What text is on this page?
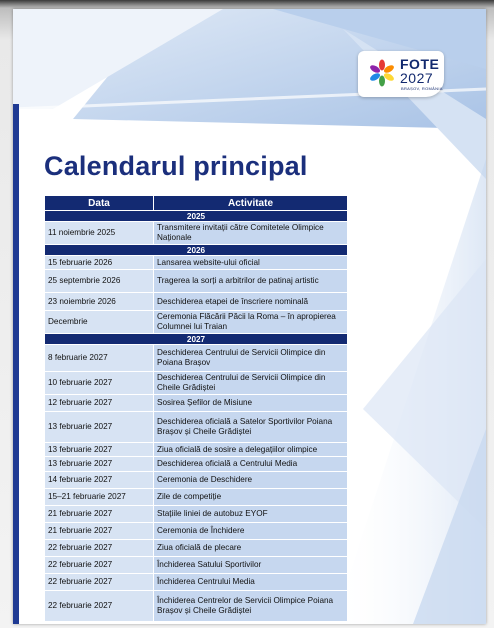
FOTE
2027
BRAȘOV, ROMÂNIA
Calendarul principal
Data	Activitate
2025	
11 noiembrie 2025	Transmitere invitații către Comitetele Olimpice Naționale
2026	
15 februarie 2026	Lansarea website-ului oficial
25 septembrie 2026	Tragerea la sorți a arbitrilor de patinaj artistic
23 noiembrie 2026	Deschiderea etapei de înscriere nominală
Decembrie	Ceremonia Flăcării Păcii la Roma – în apropierea Columnei lui Traian
2027	
8 februarie 2027	Deschiderea Centrului de Servicii Olimpice din Poiana Brașov
10 februarie 2027	Deschiderea Centrului de Servicii Olimpice din Cheile Grădiștei
12 februarie 2027	Sosirea Șefilor de Misiune
13 februarie 2027	Deschiderea oficială a Satelor Sportivilor Poiana Brașov și Cheile Grădiștei
13 februarie 2027	Ziua oficială de sosire a delegațiilor olimpice
13 februarie 2027	Deschiderea oficială a Centrului Media
14 februarie 2027	Ceremonia de Deschidere
15–21 februarie 2027	Zile de competiție
21 februarie 2027	Stațiile liniei de autobuz EYOF
21 februarie 2027	Ceremonia de Închidere
22 februarie 2027	Ziua oficială de plecare
22 februarie 2027	Închiderea Satului Sportivilor
22 februarie 2027	Închiderea Centrului Media
22 februarie 2027	Închiderea Centrelor de Servicii Olimpice Poiana Brașov și Cheile Grădiștei
